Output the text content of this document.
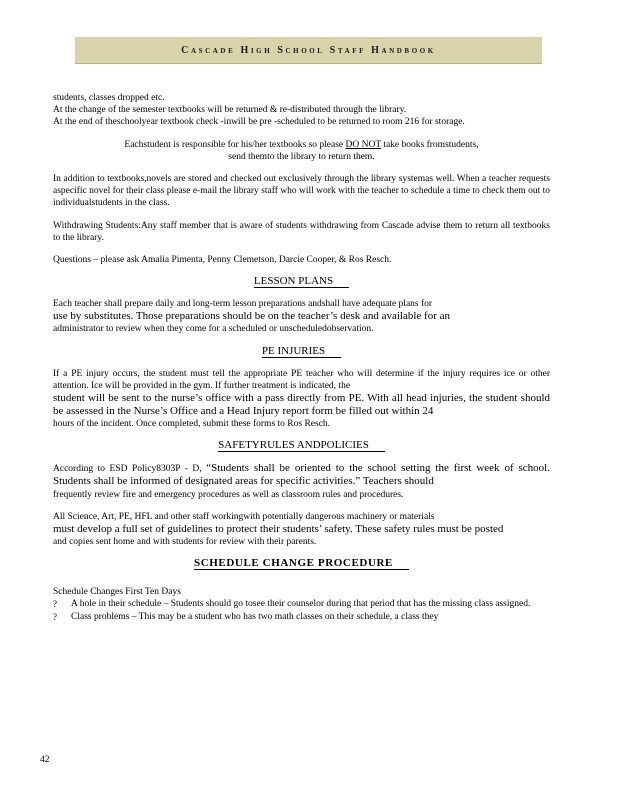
Cascade High School Staff Handbook

students, classes dropped etc.

At the change of the semester textbooks will be returned & re-distributed through the library.

At the end of theschoolyear textbook check -inwill be pre -scheduled to be returned to room 216 for storage.

Eachstudent is responsible for his/her textbooks so please DO NOT take books fromstudents,
send themto the library to return them.

In addition to textbooks,novels are stored and checked out exclusively through the library systemas well. When a teacher requests aspecific novel for their class please e-mail the library staff who will work with the teacher to schedule a time to check them out to individualstudents in the class.

Withdrawing Students:Any staff member that is aware of students withdrawing from Cascade advise them to return all textbooks to the library.

Questions – please ask Amalia Pimenta, Penny Clemetson, Darcie Cooper, & Ros Resch.

LESSON PLANS

Each teacher shall prepare daily and long-term lesson preparations andshall have adequate plans for

use by substitutes. Those preparations should be on the teacher’s desk and available for an

administrator to review when they come for a scheduled or unscheduledobservation.

PE INJURIES

If a PE injury occurs, the student must tell the appropriate PE teacher who will determine if the injury requires ice or other attention. Ice will be provided in the gym. If further treatment is indicated, the

student will be sent to the nurse’s office with a pass directly from PE. With all head injuries, the student should be assessed in the Nurse’s Office and a Head Injury report form be filled out within 24

hours of the incident. Once completed, submit these forms to Ros Resch.

SAFETYRULES ANDPOLICIES

According to ESD Policy8303P - D, “Students shall be oriented to the school setting the first week of school. Students shall be informed of designated areas for specific activities.” Teachers should

frequently review fire and emergency procedures as well as classroom rules and procedures.

All Science, Art, PE, HFL and other staff workingwith potentially dangerous machinery or materials

must develop a full set of guidelines to protect their students’ safety. These safety rules must be posted

and copies sent home and with students for review with their parents.

SCHEDULE CHANGE PROCEDURE

Schedule Changes First Ten Days

?	A hole in their schedule – Students should go tosee their counselor during that period that has the missing class assigned.
?	Class problems – This may be a student who has two math classes on their schedule, a class they
42
